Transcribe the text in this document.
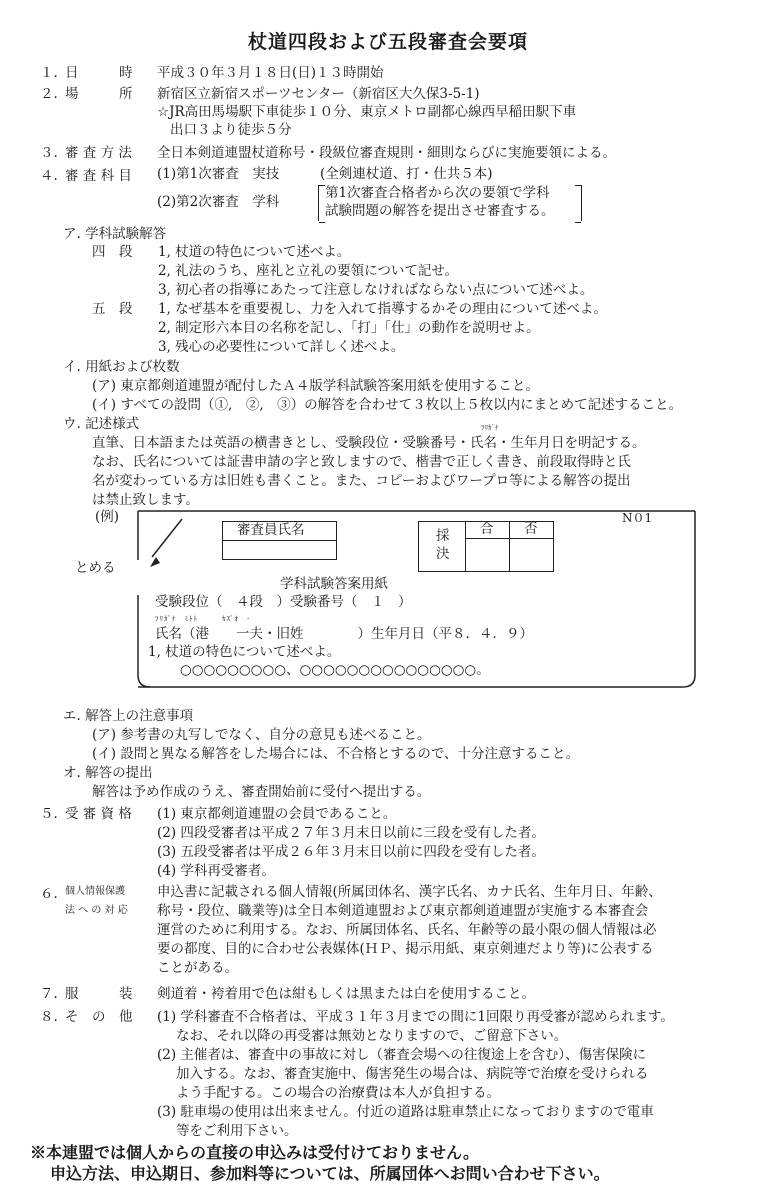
杖道四段および五段審査会要項
１. 日　　　時 平成３０年３月１８日(日)１３時開始
２. 場　　　所 新宿区立新宿スポーツセンター（新宿区大久保3-5-1)
☆JR高田馬場駅下車徒歩１０分、東京メトロ副都心線西早稲田駅下車
出口３より徒歩５分
３. 審 査 方 法 全日本剣道連盟杖道称号・段級位審査規則・細則ならびに実施要領による。
４. 審 査 科 目 (1)第1次審査　実技	(全剣連杖道、打・仕共５本)
(2)第2次審査　学科
第1次審査合格者から次の要領で学科
試験問題の解答を提出させ審査する。
ア. 学科試験解答
四　段 1, 杖道の特色について述べよ。
2, 礼法のうち、座礼と立礼の要領について記せ。
3, 初心者の指導にあたって注意しなければならない点について述べよ。
五　段 1, なぜ基本を重要視し、力を入れて指導するかその理由について述べよ。
2, 制定形六本目の名称を記し、「打」「仕」の動作を説明せよ。
3, 残心の必要性について詳しく述べよ。
イ. 用紙および枚数
(ア) 東京都剣道連盟が配付したＡ４版学科試験答案用紙を使用すること。
(イ) すべての設問（①,　②,　③）の解答を合わせて３枚以上５枚以内にまとめて記述すること。
ウ. 記述様式	ﾌﾘｶﾞﾅ
直筆、日本語または英語の横書きとし、受験段位・受験番号・氏名・生年月日を明記する。
なお、氏名については証書申請の字と致しますので、楷書で正しく書き、前段取得時と氏
名が変わっている方は旧姓も書くこと。また、コピーおよびワープロ等による解答の提出
は禁止致します。
(例)
とめる
N０1
審査員氏名	採
決
合 否
学科試験答案用紙
受験段位（　４段　）受験番号（　１　）
ﾌﾘｶﾞﾅ　ﾐﾄﾄ　　　ｶｽﾞｵ　-
氏名（港　　一夫・旧姓　　　　）生年月日（平８．４．９）
1, 杖道の特色について述べよ。
○○○○○○○○○、○○○○○○○○○○○○○○○。
エ. 解答上の注意事項
(ア) 参考書の丸写しでなく、自分の意見も述べること。
(イ) 設問と異なる解答をした場合には、不合格とするので、十分注意すること。
オ. 解答の提出
解答は予め作成のうえ、審査開始前に受付へ提出する。
５. 受 審 資 格 (1) 東京都剣道連盟の会員であること。
(2) 四段受審者は平成２７年３月末日以前に三段を受有した者。
(3) 五段受審者は平成２６年３月末日以前に四段を受有した者。
(4) 学科再受審者。
６. 個人情報保護
法 へ の 対 応
申込書に記載される個人情報(所属団体名、漢字氏名、カナ氏名、生年月日、年齢、
称号・段位、職業等)は全日本剣道連盟および東京都剣道連盟が実施する本審査会
運営のために利用する。なお、所属団体名、氏名、年齢等の最小限の個人情報は必
要の都度、目的に合わせ公表媒体(ＨＰ、掲示用紙、東京剣連だより等)に公表する
ことがある。
７. 服　　　装 剣道着・袴着用で色は紺もしくは黒または白を使用すること。
８. そ　の　他 (1) 学科審査不合格者は、平成３１年３月までの間に1回限り再受審が認められます。
なお、それ以降の再受審は無効となりますので、ご留意下さい。
(2) 主催者は、審査中の事故に対し（審査会場への往復途上を含む）、傷害保険に
加入する。なお、審査実施中、傷害発生の場合は、病院等で治療を受けられる
よう手配する。この場合の治療費は本人が負担する。
(3) 駐車場の使用は出来ません。付近の道路は駐車禁止になっておりますので電車
等をご利用下さい。
※本連盟では個人からの直接の申込みは受付けておりません。
申込方法、申込期日、参加料等については、所属団体へお問い合わせ下さい。
